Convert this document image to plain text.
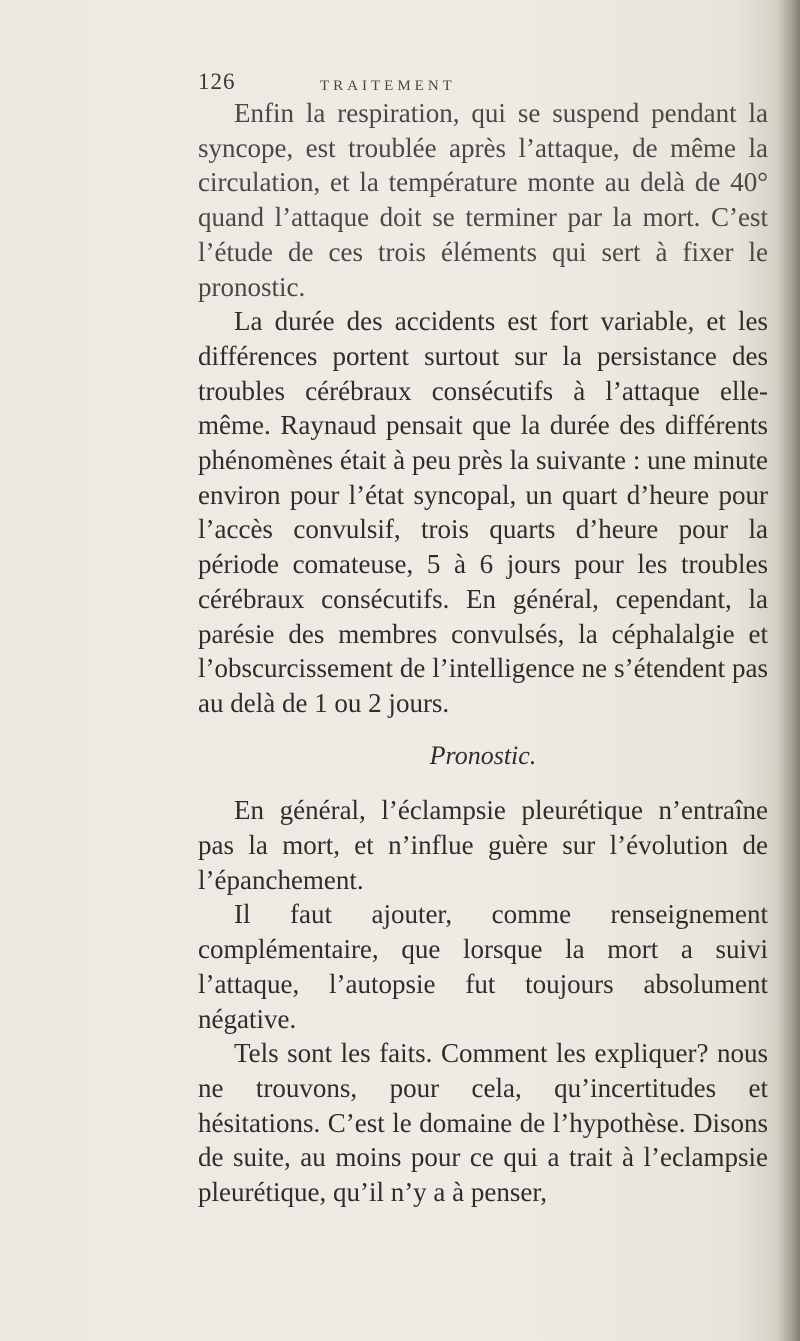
126	TRAITEMENT

Enfin la respiration, qui se suspend pendant la syncope, est troublée après l’attaque, de même la circulation, et la température monte au delà de 40° quand l’attaque doit se terminer par la mort. C’est l’étude de ces trois éléments qui sert à fixer le pronostic.

La durée des accidents est fort variable, et les différences portent surtout sur la persistance des troubles cérébraux consécutifs à l’attaque elle-même. Raynaud pensait que la durée des différents phénomènes était à peu près la suivante : une minute environ pour l’état syncopal, un quart d’heure pour l’accès convulsif, trois quarts d’heure pour la période comateuse, 5 à 6 jours pour les troubles cérébraux consécutifs. En général, cependant, la parésie des membres convulsés, la céphalalgie et l’obscurcissement de l’intelligence ne s’étendent pas au delà de 1 ou 2 jours.

Pronostic.

En général, l’éclampsie pleurétique n’entraîne pas la mort, et n’influe guère sur l’évolution de l’épanchement.

Il faut ajouter, comme renseignement complémentaire, que lorsque la mort a suivi l’attaque, l’autopsie fut toujours absolument négative.

Tels sont les faits. Comment les expliquer? nous ne trouvons, pour cela, qu’incertitudes et hésitations. C’est le domaine de l’hypothèse. Disons de suite, au moins pour ce qui a trait à l’eclampsie pleurétique, qu’il n’y a à penser,
